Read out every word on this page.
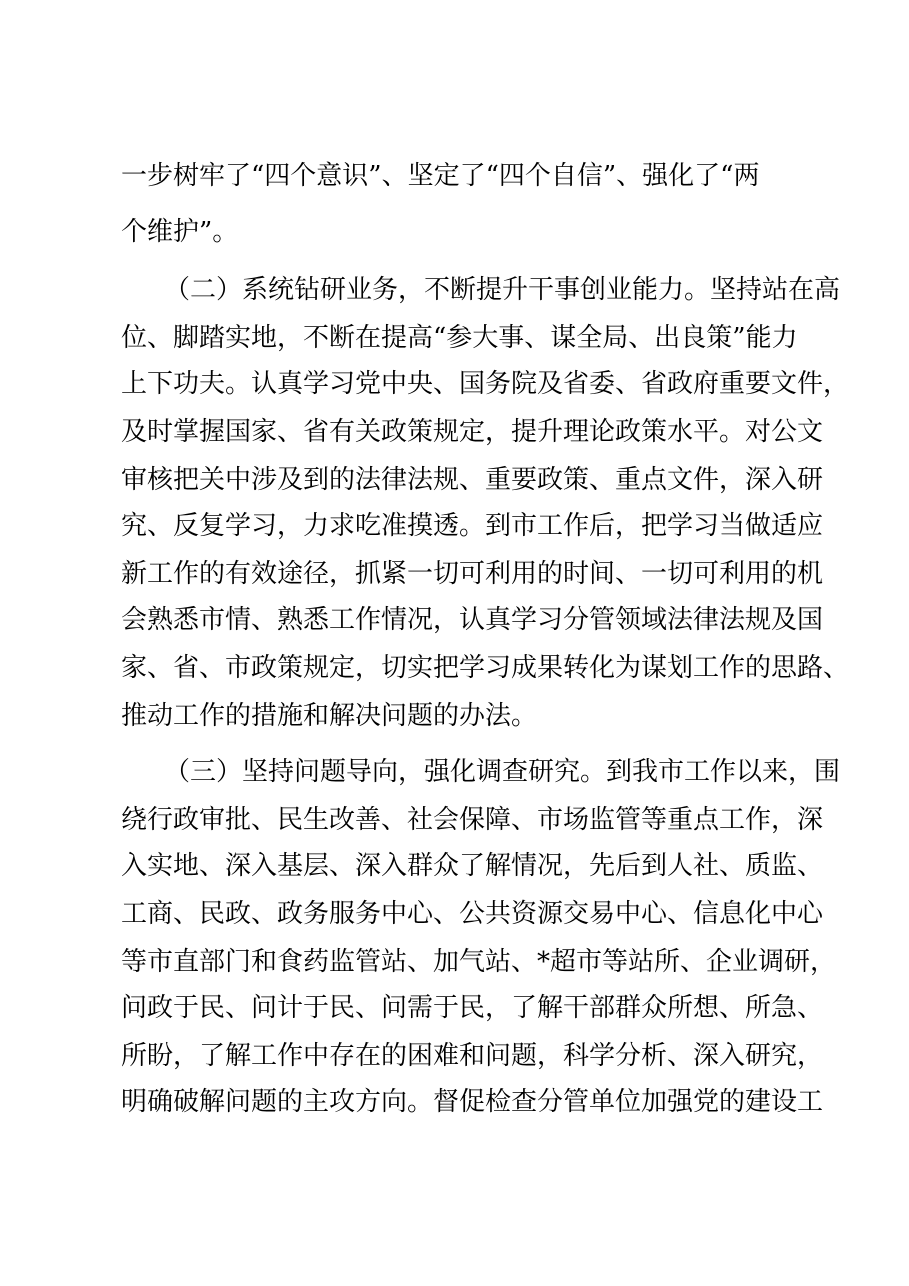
一步树牢了“四个意识”、坚定了“四个自信”、强化了“两
个维护”。
（二）系统钻研业务，不断提升干事创业能力。坚持站在高
位、脚踏实地，不断在提高“参大事、谋全局、出良策”能力
上下功夫。认真学习党中央、国务院及省委、省政府重要文件，
及时掌握国家、省有关政策规定，提升理论政策水平。对公文
审核把关中涉及到的法律法规、重要政策、重点文件，深入研
究、反复学习，力求吃准摸透。到市工作后，把学习当做适应
新工作的有效途径，抓紧一切可利用的时间、一切可利用的机
会熟悉市情、熟悉工作情况，认真学习分管领域法律法规及国
家、省、市政策规定，切实把学习成果转化为谋划工作的思路、
推动工作的措施和解决问题的办法。
（三）坚持问题导向，强化调查研究。到我市工作以来，围
绕行政审批、民生改善、社会保障、市场监管等重点工作，深
入实地、深入基层、深入群众了解情况，先后到人社、质监、
工商、民政、政务服务中心、公共资源交易中心、信息化中心
等市直部门和食药监管站、加气站、*超市等站所、企业调研，
问政于民、问计于民、问需于民，了解干部群众所想、所急、
所盼，了解工作中存在的困难和问题，科学分析、深入研究，
明确破解问题的主攻方向。督促检查分管单位加强党的建设工
